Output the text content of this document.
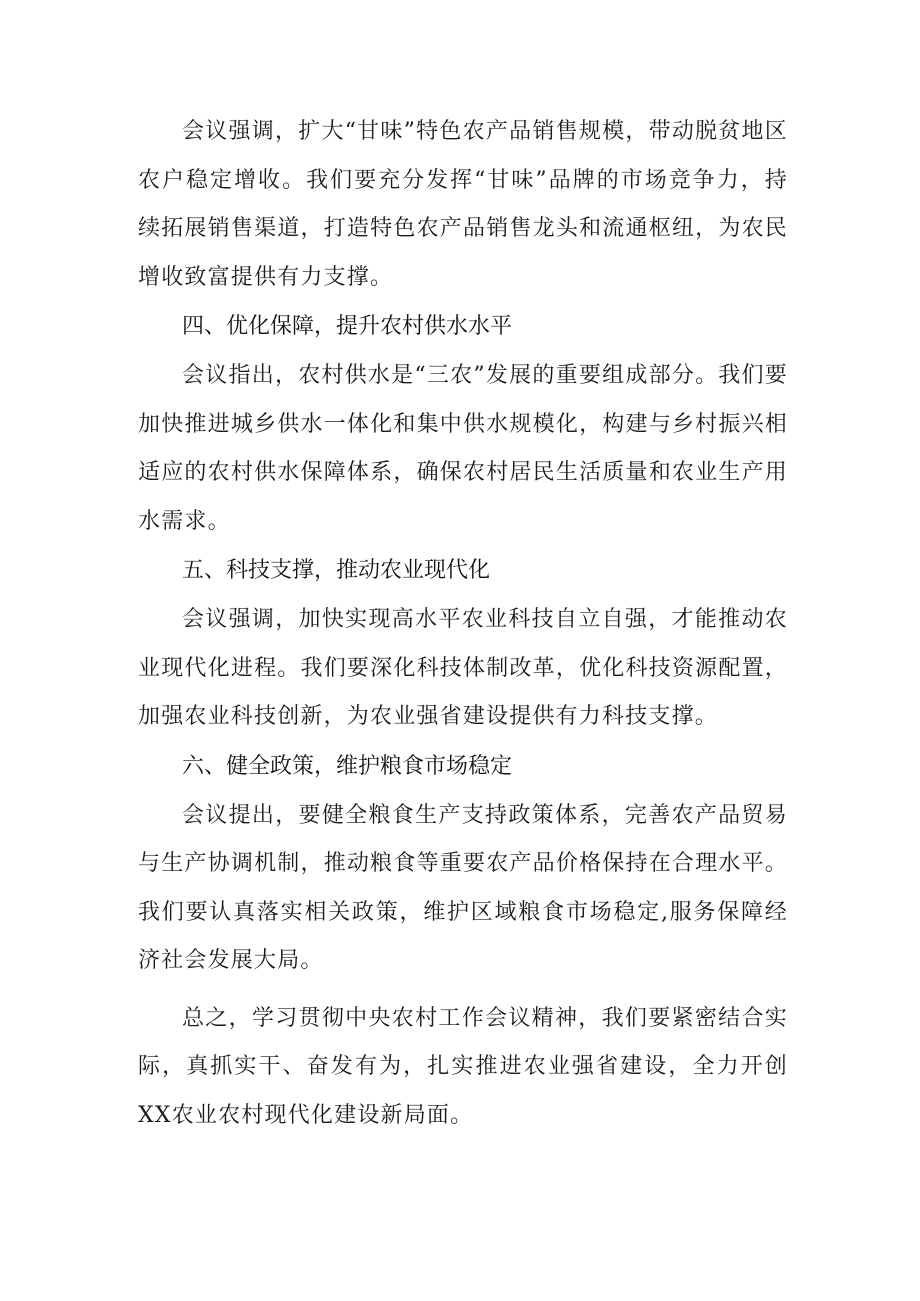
会议强调，扩大“甘味”特色农产品销售规模，带动脱贫地区农户稳定增收。我们要充分发挥“甘味”品牌的市场竞争力，持续拓展销售渠道，打造特色农产品销售龙头和流通枢纽，为农民增收致富提供有力支撑。

四、优化保障，提升农村供水水平

会议指出，农村供水是“三农”发展的重要组成部分。我们要加快推进城乡供水一体化和集中供水规模化，构建与乡村振兴相适应的农村供水保障体系，确保农村居民生活质量和农业生产用水需求。

五、科技支撑，推动农业现代化

会议强调，加快实现高水平农业科技自立自强，才能推动农业现代化进程。我们要深化科技体制改革，优化科技资源配置，加强农业科技创新，为农业强省建设提供有力科技支撑。

六、健全政策，维护粮食市场稳定

会议提出，要健全粮食生产支持政策体系，完善农产品贸易与生产协调机制，推动粮食等重要农产品价格保持在合理水平。我们要认真落实相关政策，维护区域粮食市场稳定,服务保障经济社会发展大局。

总之，学习贯彻中央农村工作会议精神，我们要紧密结合实际，真抓实干、奋发有为，扎实推进农业强省建设，全力开创XX农业农村现代化建设新局面。
